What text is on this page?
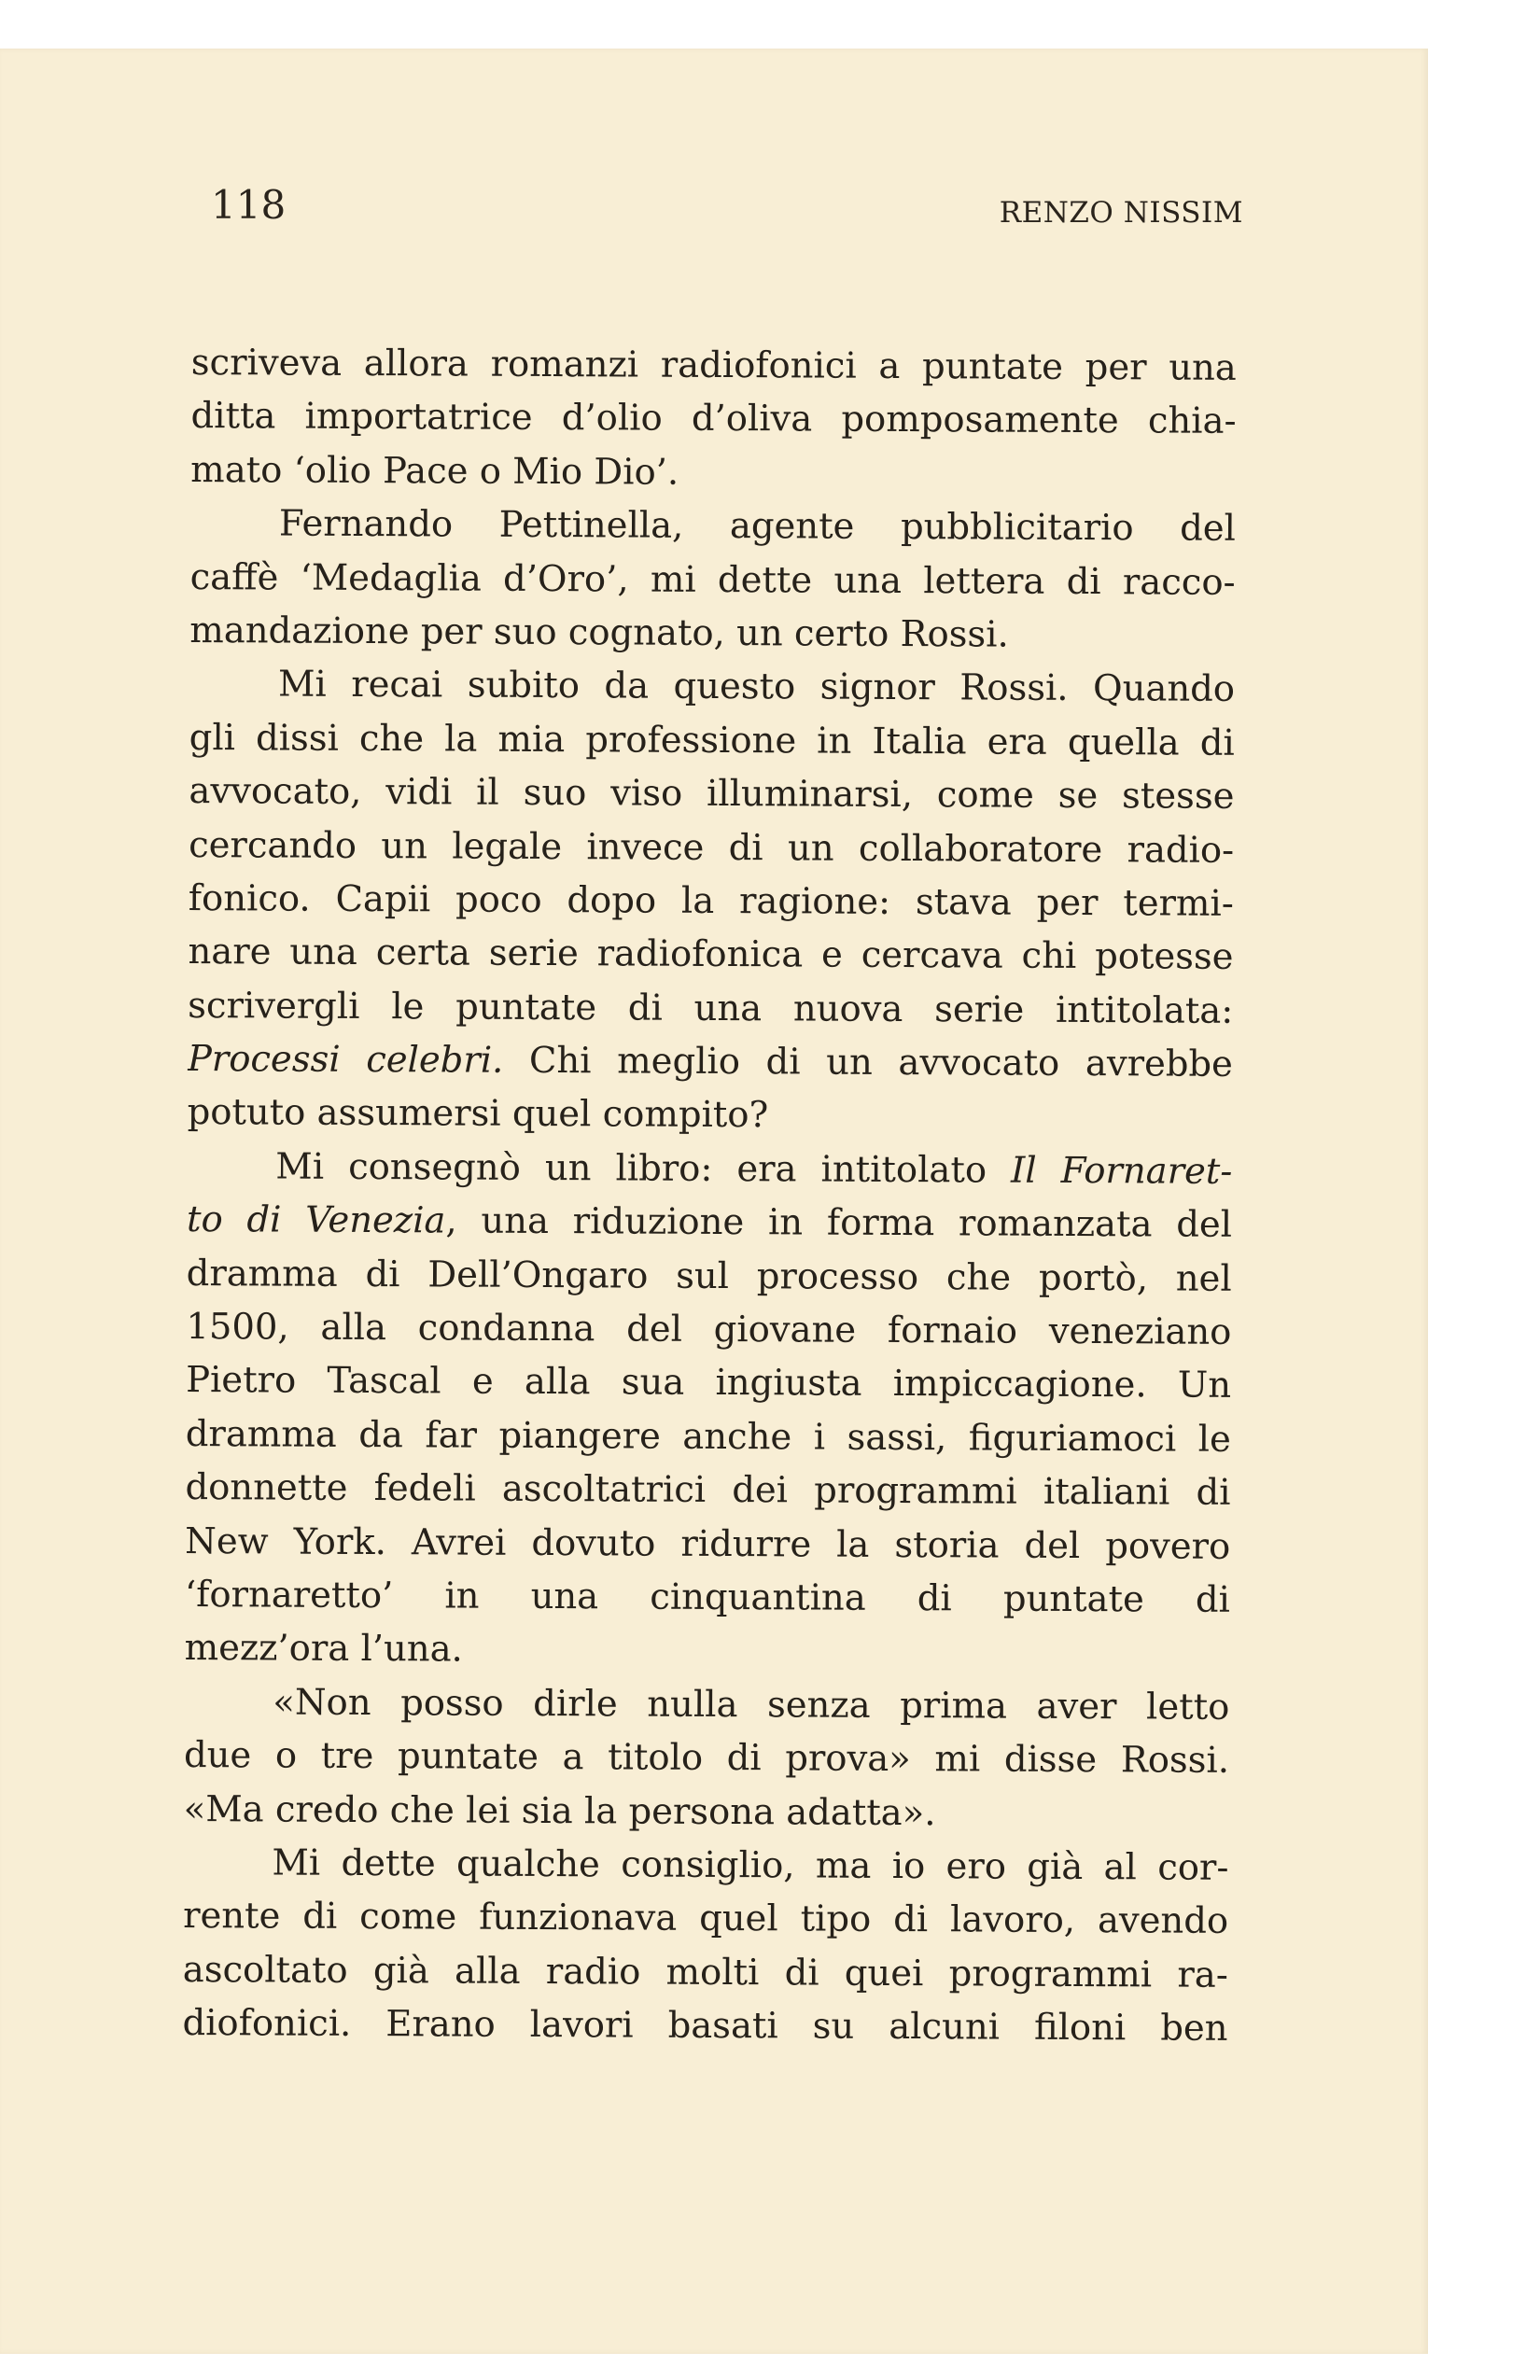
118	RENZO NISSIM
scriveva allora romanzi radiofonici a puntate per una
ditta importatrice d’olio d’oliva pomposamente chia-
mato ‘olio Pace o Mio Dio’.
Fernando Pettinella, agente pubblicitario del
caffè ‘Medaglia d’Oro’, mi dette una lettera di racco-
mandazione per suo cognato, un certo Rossi.
Mi recai subito da questo signor Rossi. Quando
gli dissi che la mia professione in Italia era quella di
avvocato, vidi il suo viso illuminarsi, come se stesse
cercando un legale invece di un collaboratore radio-
fonico. Capii poco dopo la ragione: stava per termi-
nare una certa serie radiofonica e cercava chi potesse
scrivergli le puntate di una nuova serie intitolata:
Processi celebri. Chi meglio di un avvocato avrebbe
potuto assumersi quel compito?
Mi consegnò un libro: era intitolato Il Fornaret-
to di Venezia, una riduzione in forma romanzata del
dramma di Dell’Ongaro sul processo che portò, nel
1500, alla condanna del giovane fornaio veneziano
Pietro Tascal e alla sua ingiusta impiccagione. Un
dramma da far piangere anche i sassi, figuriamoci le
donnette fedeli ascoltatrici dei programmi italiani di
New York. Avrei dovuto ridurre la storia del povero
‘fornaretto’ in una cinquantina di puntate di
mezz’ora l’una.
«Non posso dirle nulla senza prima aver letto
due o tre puntate a titolo di prova» mi disse Rossi.
«Ma credo che lei sia la persona adatta».
Mi dette qualche consiglio, ma io ero già al cor-
rente di come funzionava quel tipo di lavoro, avendo
ascoltato già alla radio molti di quei programmi ra-
diofonici. Erano lavori basati su alcuni filoni ben
